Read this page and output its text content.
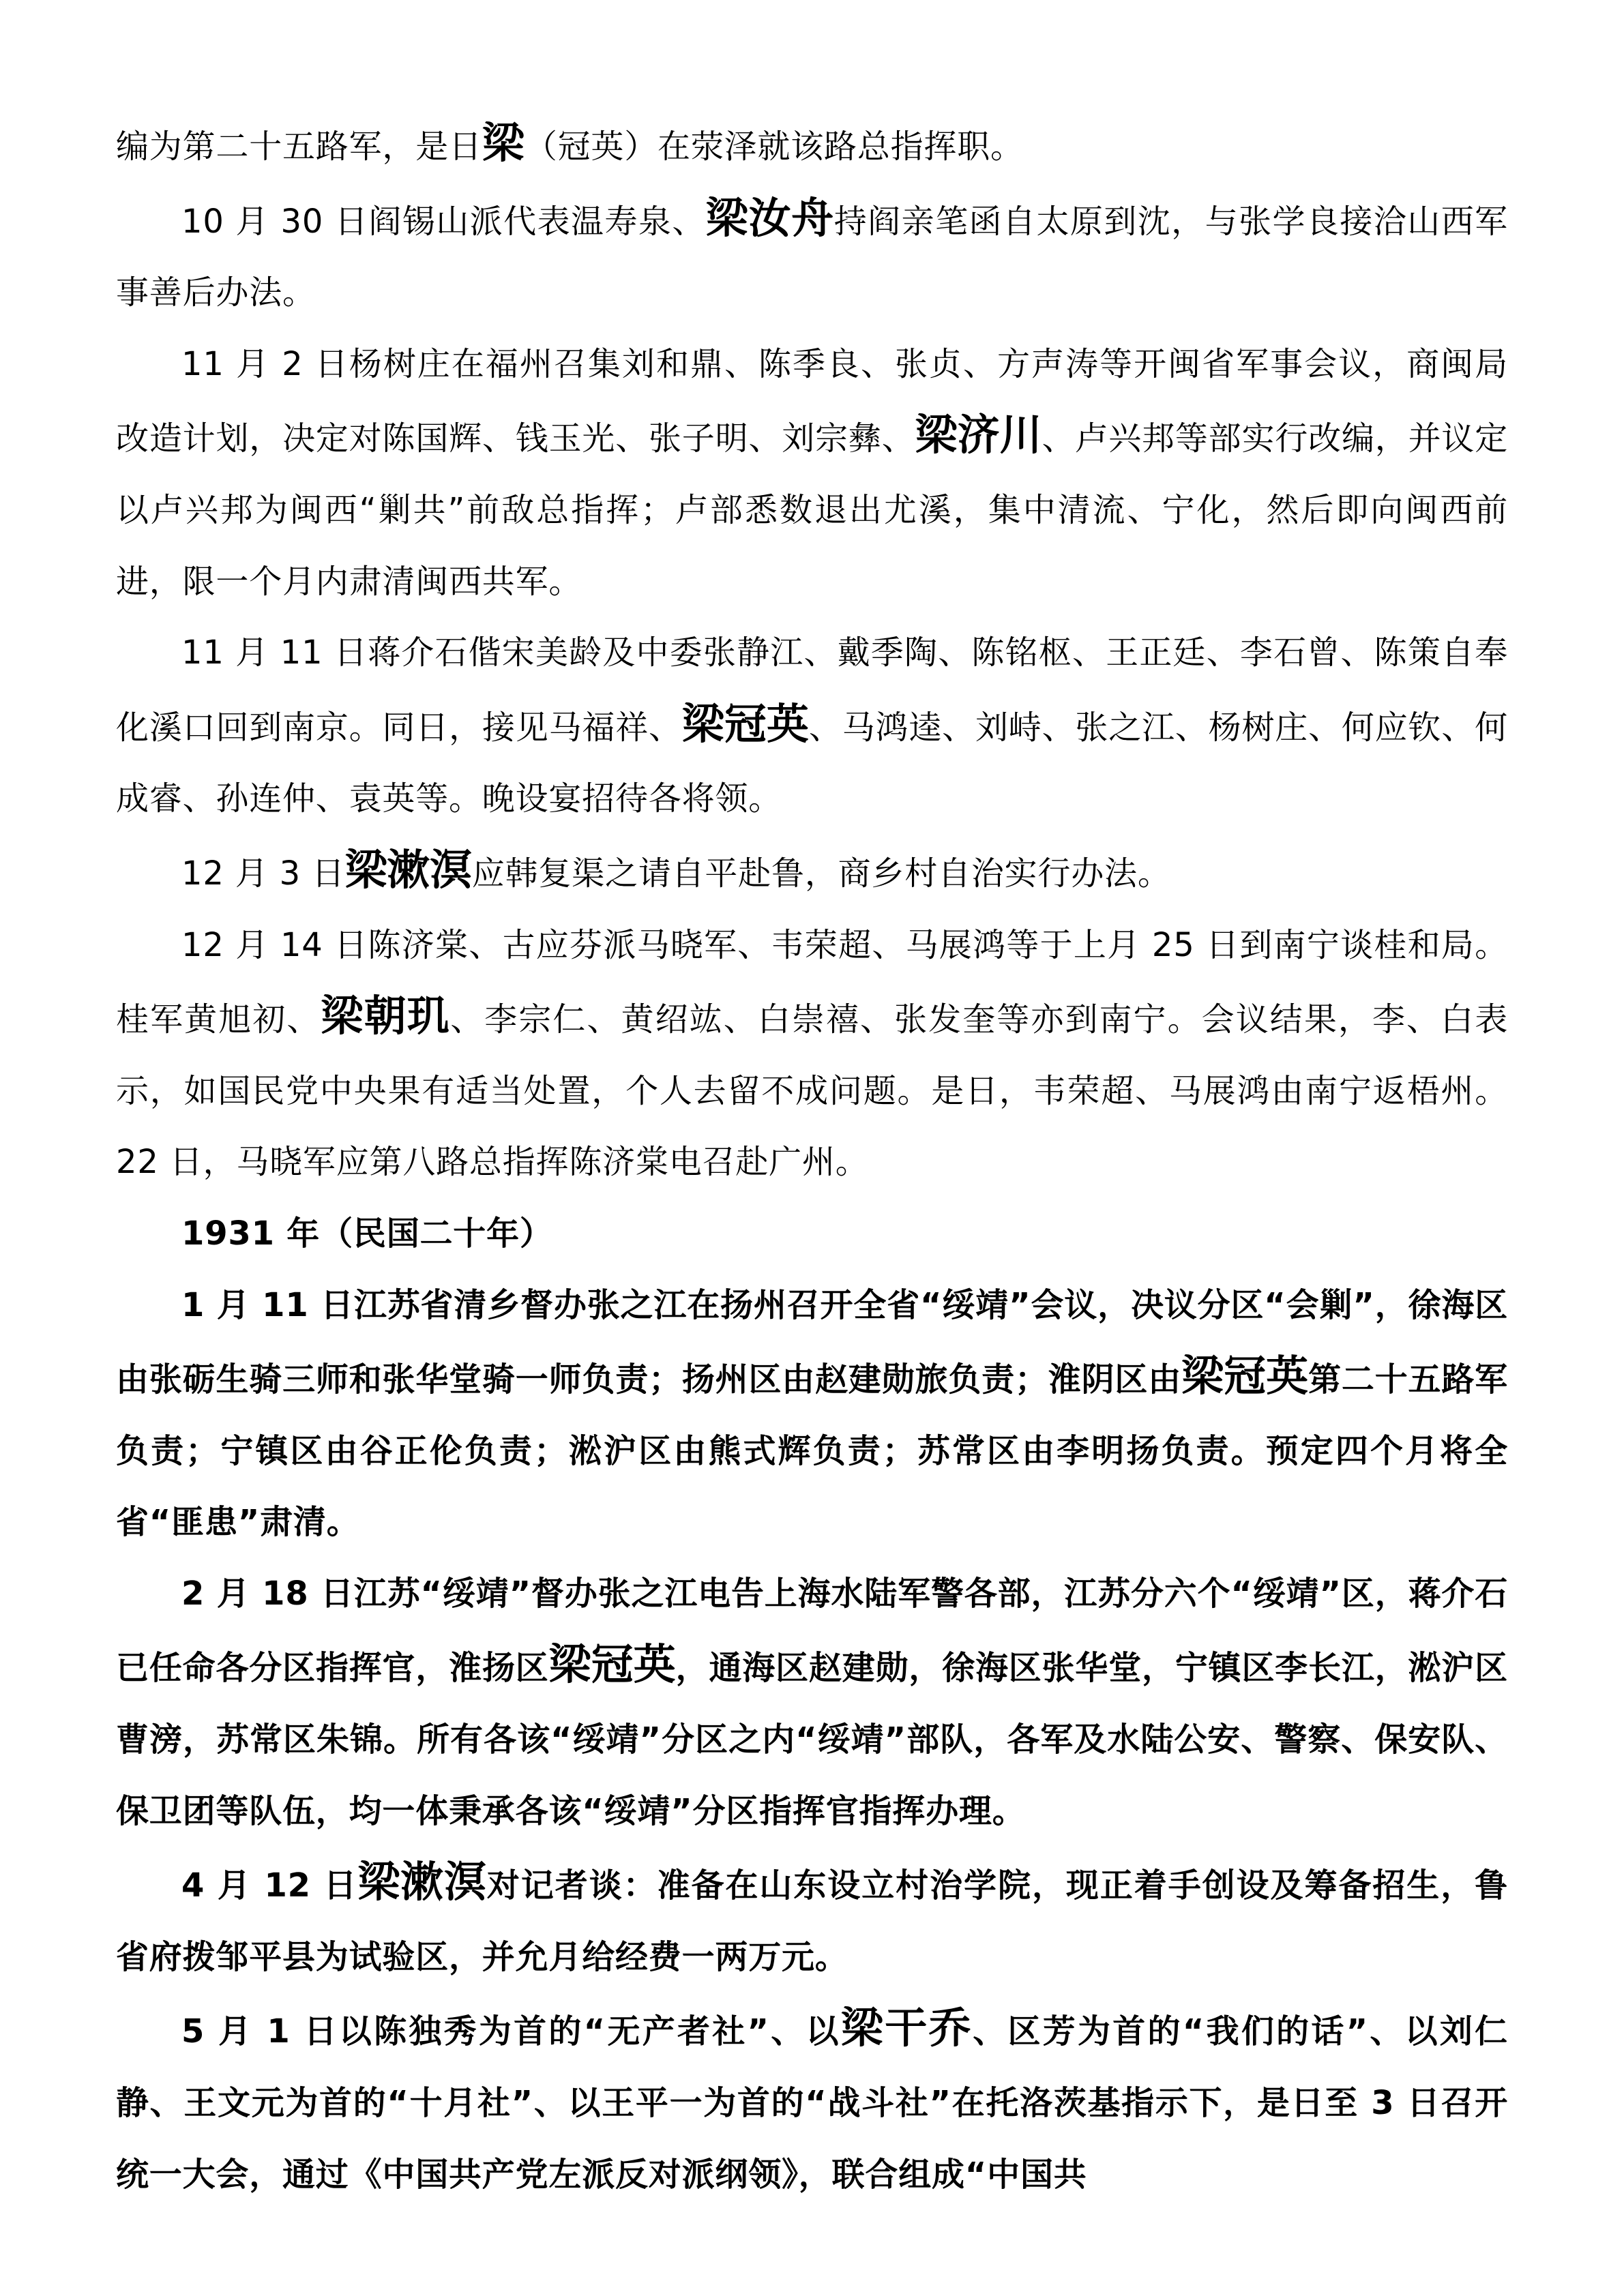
编为第二十五路军，是日梁（冠英）在荥泽就该路总指挥职。

10 月 30 日阎锡山派代表温寿泉、梁汝舟持阎亲笔函自太原到沈，与张学良接洽山西军事善后办法。

11 月 2 日杨树庄在福州召集刘和鼎、陈季良、张贞、方声涛等开闽省军事会议，商闽局改造计划，决定对陈国辉、钱玉光、张子明、刘宗彝、梁济川、卢兴邦等部实行改编，并议定以卢兴邦为闽西“剿共”前敌总指挥；卢部悉数退出尤溪，集中清流、宁化，然后即向闽西前进，限一个月内肃清闽西共军。

11 月 11 日蒋介石偕宋美龄及中委张静江、戴季陶、陈铭枢、王正廷、李石曾、陈策自奉化溪口回到南京。同日，接见马福祥、梁冠英、马鸿逵、刘峙、张之江、杨树庄、何应钦、何成睿、孙连仲、袁英等。晚设宴招待各将领。

12 月 3 日梁漱溟应韩复渠之请自平赴鲁，商乡村自治实行办法。

12 月 14 日陈济棠、古应芬派马晓军、韦荣超、马展鸿等于上月 25 日到南宁谈桂和局。桂军黄旭初、梁朝玑、李宗仁、黄绍竑、白崇禧、张发奎等亦到南宁。会议结果，李、白表示，如国民党中央果有适当处置，个人去留不成问题。是日，韦荣超、马展鸿由南宁返梧州。22 日，马晓军应第八路总指挥陈济棠电召赴广州。

1931 年（民国二十年）

1 月 11 日江苏省清乡督办张之江在扬州召开全省“绥靖”会议，决议分区“会剿”，徐海区由张砺生骑三师和张华堂骑一师负责；扬州区由赵建勋旅负责；淮阴区由梁冠英第二十五路军负责；宁镇区由谷正伦负责；淞沪区由熊式辉负责；苏常区由李明扬负责。预定四个月将全省“匪患”肃清。

2 月 18 日江苏“绥靖”督办张之江电告上海水陆军警各部，江苏分六个“绥靖”区，蒋介石已任命各分区指挥官，淮扬区梁冠英，通海区赵建勋，徐海区张华堂，宁镇区李长江，淞沪区曹滂，苏常区朱锦。所有各该“绥靖”分区之内“绥靖”部队，各军及水陆公安、警察、保安队、保卫团等队伍，均一体秉承各该“绥靖”分区指挥官指挥办理。

4 月 12 日梁漱溟对记者谈：准备在山东设立村治学院，现正着手创设及筹备招生，鲁省府拨邹平县为试验区，并允月给经费一两万元。

5 月 1 日以陈独秀为首的“无产者社”、以梁干乔、区芳为首的“我们的话”、以刘仁静、王文元为首的“十月社”、以王平一为首的“战斗社”在托洛茨基指示下，是日至 3 日召开统一大会，通过《中国共产党左派反对派纲领》，联合组成“中国共
